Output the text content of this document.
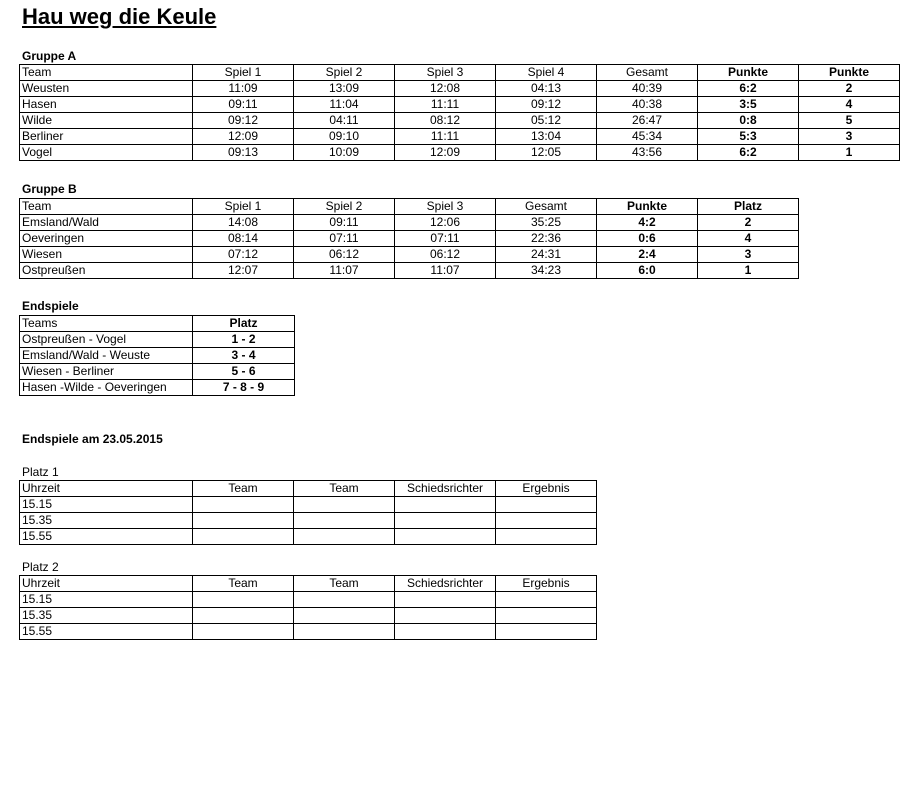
Hau weg die Keule
Gruppe A
Team	Spiel 1	Spiel 2	Spiel 3	Spiel 4	Gesamt	Punkte	Punkte
Weusten	11:09	13:09	12:08	04:13	40:39	6:2	2
Hasen	09:11	11:04	11:11	09:12	40:38	3:5	4
Wilde	09:12	04:11	08:12	05:12	26:47	0:8	5
Berliner	12:09	09:10	11:11	13:04	45:34	5:3	3
Vogel	09:13	10:09	12:09	12:05	43:56	6:2	1
Gruppe B
Team	Spiel 1	Spiel 2	Spiel 3	Gesamt	Punkte	Platz
Emsland/Wald	14:08	09:11	12:06	35:25	4:2	2
Oeveringen	08:14	07:11	07:11	22:36	0:6	4
Wiesen	07:12	06:12	06:12	24:31	2:4	3
Ostpreußen	12:07	11:07	11:07	34:23	6:0	1
Endspiele
Teams	Platz
Ostpreußen - Vogel	1 - 2
Emsland/Wald - Weuste	3 - 4
Wiesen - Berliner	5 - 6
Hasen -Wilde - Oeveringen	7 - 8 - 9
Endspiele am 23.05.2015
Platz 1
Uhrzeit	Team	Team	Schiedsrichter	Ergebnis
15.15				
15.35				
15.55				
Platz 2
Uhrzeit	Team	Team	Schiedsrichter	Ergebnis
15.15				
15.35				
15.55				
